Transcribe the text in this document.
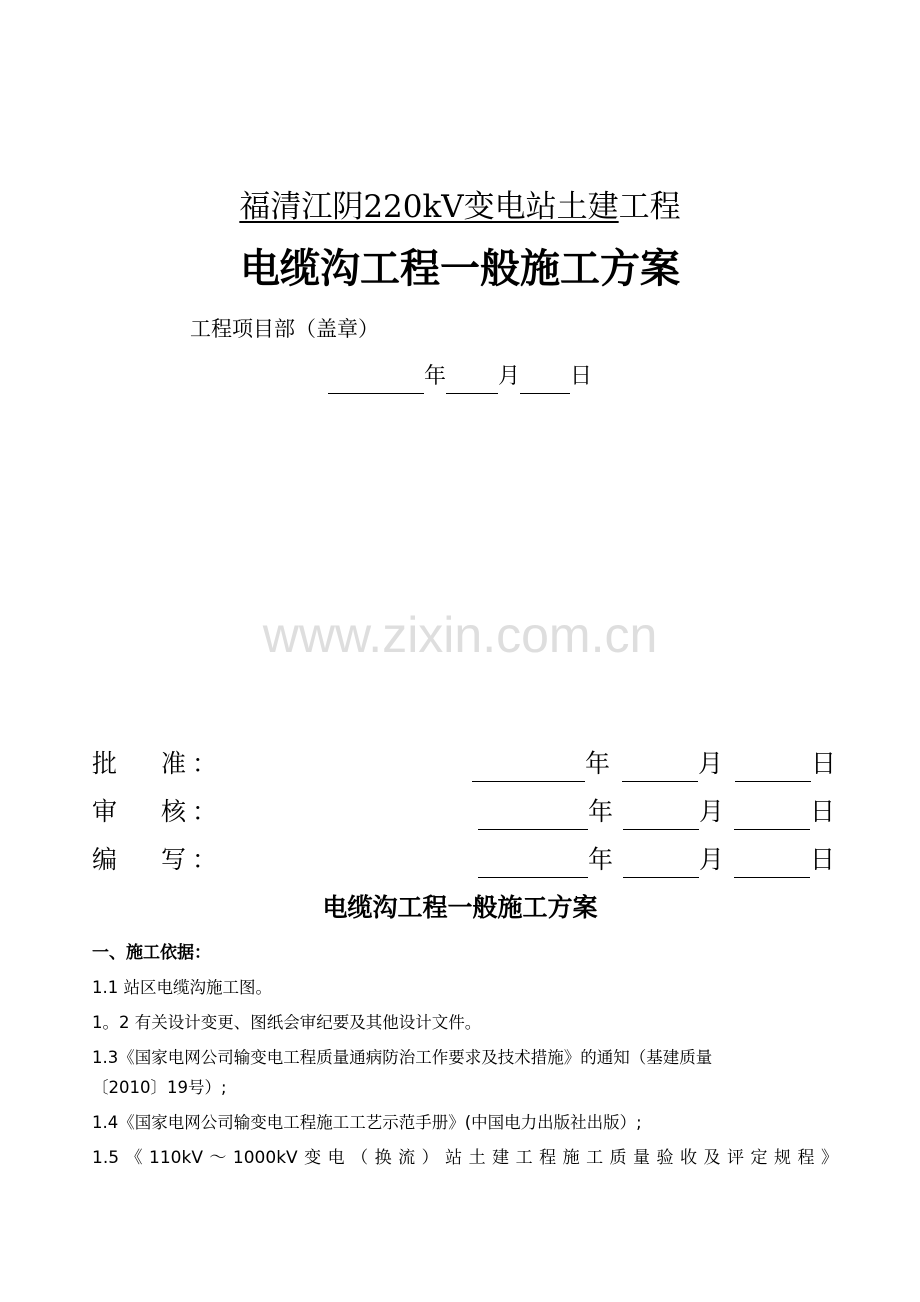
福清江阴220kV变电站土建工程
电缆沟工程一般施工方案
工程项目部（盖章）
年 月 日
www.zixin.com.cn
批 准 ：	年	月	日
审 核 ：	年	月	日
编 写 ：	年	月	日
电缆沟工程一般施工方案
一、施工依据：
1.1 站区电缆沟施工图。
1。2 有关设计变更、图纸会审纪要及其他设计文件。
1.3《国家电网公司输变电工程质量通病防治工作要求及技术措施》的通知（基建质量
〔2010〕19号）;
1.4《国家电网公司输变电工程施工工艺示范手册》(中国电力出版社出版）;
1.5《110kV～1000kV变电（换流）站土建工程施工质量验收及评定规程》
